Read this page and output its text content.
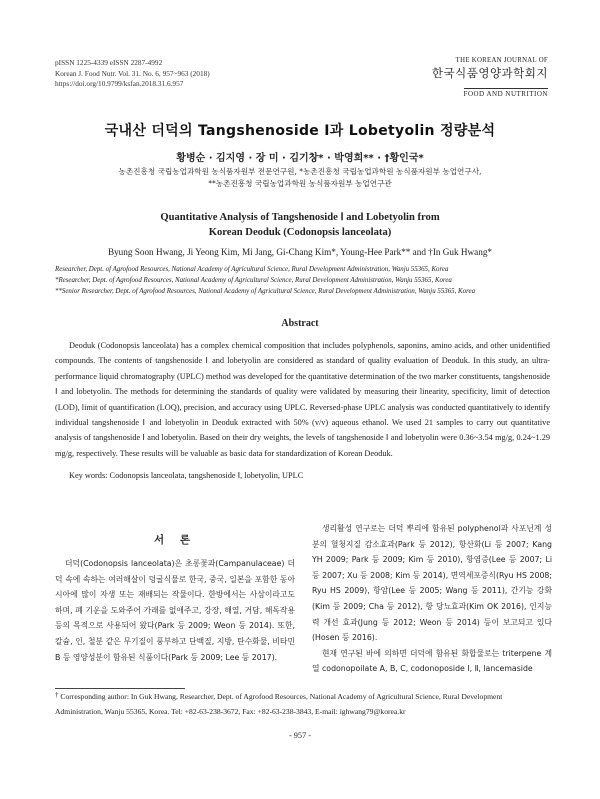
pISSN 1225-4339 eISSN 2287-4992
Korean J. Food Nutr. Vol. 31. No. 6, 957~963 (2018)
https://doi.org/10.9799/ksfan.2018.31.6.957
THE KOREAN JOURNAL OF
한국식품영양과학회지
FOOD AND NUTRITION
국내산 더덕의 Tangshenoside Ⅰ과 Lobetyolin 정량분석
황병순 · 김지영 · 장 미 · 김기창* · 박영희** · †황인국*
농촌진흥청 국립농업과학원 농식품자원부 전문연구원, *농촌진흥청 국립농업과학원 농식품자원부 농업연구사,
**농촌진흥청 국립농업과학원 농식품자원부 농업연구관
Quantitative Analysis of Tangshenoside Ⅰ and Lobetyolin from
Korean Deoduk (Codonopsis lanceolata)
Byung Soon Hwang, Ji Yeong Kim, Mi Jang, Gi-Chang Kim*, Young-Hee Park** and †In Guk Hwang*
Researcher, Dept. of Agrofood Resources, National Academy of Agricultural Science, Rural Development Administration, Wanju 55365, Korea
*Researcher, Dept. of Agrofood Resources, National Academy of Agricultural Science, Rural Development Administration, Wanju 55365, Korea
**Senior Researcher, Dept. of Agrofood Resources, National Academy of Agricultural Science, Rural Development Administration, Wanju 55365, Korea
Abstract
Deoduk (Codonopsis lanceolata) has a complex chemical composition that includes polyphenols, saponins, amino acids, and other unidentified compounds. The contents of tangshenoside Ⅰ and lobetyolin are considered as standard of quality evaluation of Deoduk. In this study, an ultra-performance liquid chromatography (UPLC) method was developed for the quantitative determination of the two marker constituents, tangshenoside Ⅰ and lobetyolin. The methods for determining the standards of quality were validated by measuring their linearity, specificity, limit of detection (LOD), limit of quantification (LOQ), precision, and accuracy using UPLC. Reversed-phase UPLC analysis was conducted quantitatively to identify individual tangshenoside Ⅰ and lobetyolin in Deoduk extracted with 50% (v/v) aqueous ethanol. We used 21 samples to carry out quantitative analysis of tangshenoside Ⅰ and lobetyolin. Based on their dry weights, the levels of tangshenoside Ⅰ and lobetyolin were 0.36~3.54 mg/g, 0.24~1.29 mg/g, respectively. These results will be valuable as basic data for standardization of Korean Deoduk.
Key words: Codonopsis lanceolata, tangshenoside Ⅰ, lobetyolin, UPLC
서 론
더덕(Codonopsis lanceolata)은 초롱꽃과(Campanulaceae) 더덕 속에 속하는 여러해살이 덩굴식물로 한국, 중국, 일본을 포함한 동아시아에 많이 자생 또는 재배되는 작물이다. 한방에서는 사삼이라고도 하며, 폐 기운을 도와주어 가래를 없애주고, 강장, 해열, 거담, 해독작용 등의 목적으로 사용되어 왔다(Park 등 2009; Weon 등 2014). 또한, 칼슘, 인, 철분 같은 무기질이 풍부하고 단백질, 지방, 탄수화물, 비타민 B 등 영양성분이 함유된 식품이다(Park 등 2009; Lee 등 2017).

생리활성 연구로는 더덕 뿌리에 함유된 polyphenol과 사포닌계 성분의 혈청지질 감소효과(Park 등 2012), 항산화(Li 등 2007; Kang YH 2009; Park 등 2009; Kim 등 2010), 항염증(Lee 등 2007; Li 등 2007; Xu 등 2008; Kim 등 2014), 면역세포증식(Ryu HS 2008; Ryu HS 2009), 항암(Lee 등 2005; Wang 등 2011), 간기능 강화(Kim 등 2009; Cha 등 2012), 항 당뇨효과(Kim OK 2016), 인지능력 개선 효과(Jung 등 2012; Weon 등 2014) 등이 보고되고 있다(Hosen 등 2016).

현재 연구된 바에 의하면 더덕에 함유된 화합물로는 triterpene 계열 codonopoilate A, B, C, codonoposide Ⅰ, Ⅱ, lancemaside

† Corresponding author: In Guk Hwang, Researcher, Dept. of Agrofood Resources, National Academy of Agricultural Science, Rural Development Administration, Wanju 55365, Korea. Tel: +82-63-238-3672, Fax: +82-63-238-3843, E-mail: ighwang79@korea.kr
- 957 -
